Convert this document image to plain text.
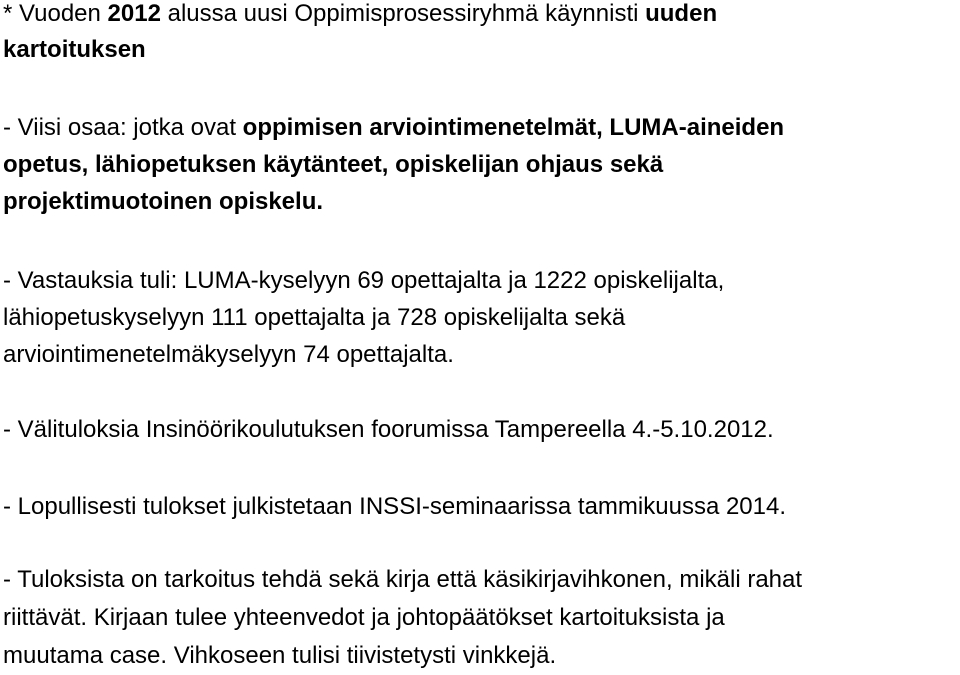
* Vuoden 2012 alussa uusi Oppimisprosessiryhmä käynnisti uuden
kartoituksen
- Viisi osaa: jotka ovat oppimisen arviointimenetelmät, LUMA-aineiden
opetus, lähiopetuksen käytänteet, opiskelijan ohjaus sekä
projektimuotoinen opiskelu.
- Vastauksia tuli: LUMA-kyselyyn 69 opettajalta ja 1222 opiskelijalta,
lähiopetuskyselyyn 111 opettajalta ja 728 opiskelijalta sekä
arviointimenetelmäkyselyyn 74 opettajalta.
- Välituloksia Insinöörikoulutuksen foorumissa Tampereella 4.-5.10.2012.
- Lopullisesti tulokset julkistetaan INSSI-seminaarissa tammikuussa 2014.
- Tuloksista on tarkoitus tehdä sekä kirja että käsikirjavihkonen, mikäli rahat
riittävät. Kirjaan tulee yhteenvedot ja johtopäätökset kartoituksista ja
muutama case. Vihkoseen tulisi tiivistetysti vinkkejä.
